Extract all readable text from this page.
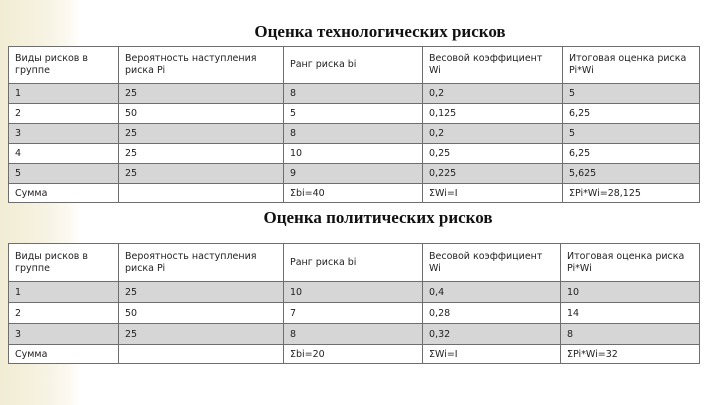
Оценка технологических рисков
Виды рисков в группе	Вероятность наступления риска Pi	Ранг риска bi	Весовой коэффициент Wi	Итоговая оценка риска Pi*Wi
1	25	8	0,2	5
2	50	5	0,125	6,25
3	25	8	0,2	5
4	25	10	0,25	6,25
5	25	9	0,225	5,625
Сумма		Σbi=40	ΣWi=I	ΣPi*Wi=28,125
Оценка политических рисков
Виды рисков в группе	Вероятность наступления риска Pi	Ранг риска bi	Весовой коэффициент Wi	Итоговая оценка риска Pi*Wi
1	25	10	0,4	10
2	50	7	0,28	14
3	25	8	0,32	8
Сумма		Σbi=20	ΣWi=I	ΣPi*Wi=32
